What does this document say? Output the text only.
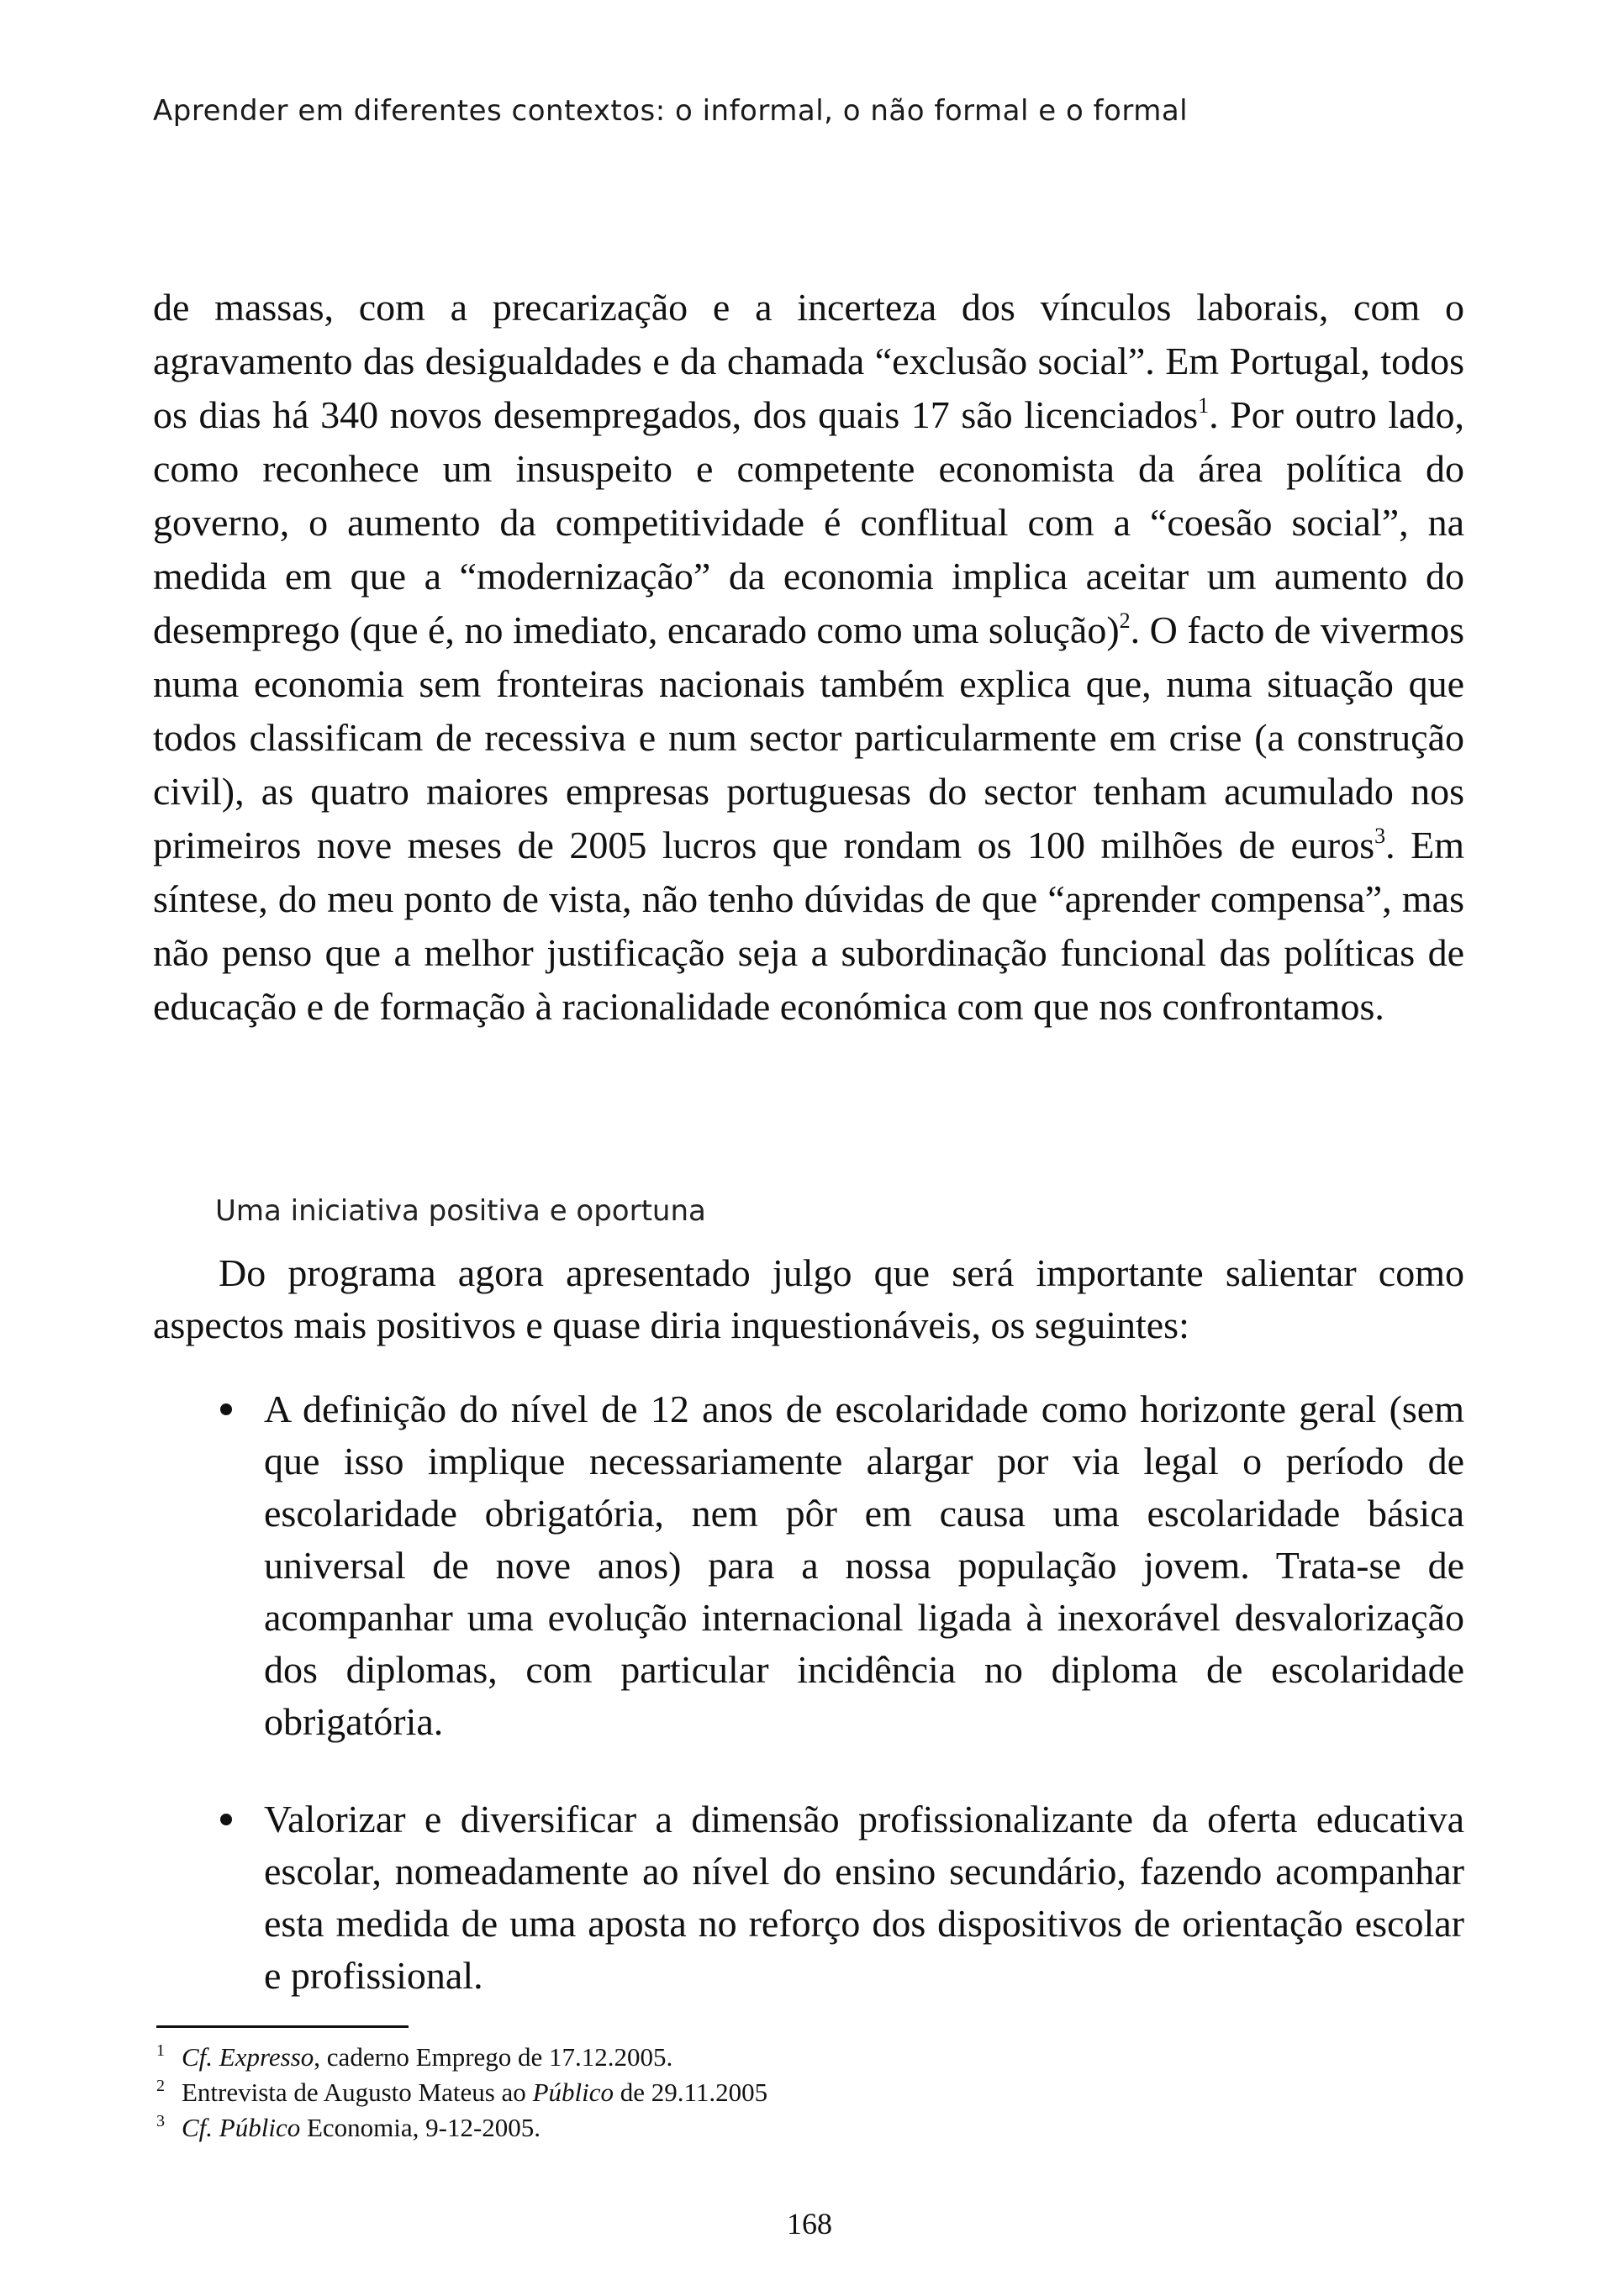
Aprender em diferentes contextos: o informal, o não formal e o formal

de massas, com a precarização e a incerteza dos vínculos laborais, com o agravamento das desigualdades e da chamada “exclusão social”. Em Portugal, todos os dias há 340 novos desempregados, dos quais 17 são licenciados$^1$. Por outro lado, como reconhece um insuspeito e competente economista da área política do governo, o aumento da competitividade é conflitual com a “coesão social”, na medida em que a “modernização” da economia implica aceitar um aumento do desemprego (que é, no imediato, encarado como uma solução)$^2$. O facto de vivermos numa economia sem fronteiras nacionais também explica que, numa situação que todos classificam de recessiva e num sector particularmente em crise (a construção civil), as quatro maiores empresas portuguesas do sector tenham acumulado nos primeiros nove meses de 2005 lucros que rondam os 100 milhões de euros$^3$. Em síntese, do meu ponto de vista, não tenho dúvidas de que “aprender compensa”, mas não penso que a melhor justificação seja a subordinação funcional das políticas de educação e de formação à racionalidade económica com que nos confrontamos.

Uma iniciativa positiva e oportuna

Do programa agora apresentado julgo que será importante salientar como aspectos mais positivos e quase diria inquestionáveis, os seguintes:

A definição do nível de 12 anos de escolaridade como horizonte geral (sem que isso implique necessariamente alargar por via legal o período de escolaridade obrigatória, nem pôr em causa uma escolaridade básica universal de nove anos) para a nossa população jovem. Trata-se de acompanhar uma evolução internacional ligada à inexorável desvalorização dos diplomas, com particular incidência no diploma de escolaridade obrigatória.
Valorizar e diversificar a dimensão profissionalizante da oferta educativa escolar, nomeadamente ao nível do ensino secundário, fazendo acompanhar esta medida de uma aposta no reforço dos dispositivos de orientação escolar e profissional.
1 Cf. Expresso, caderno Emprego de 17.12.2005.
2 Entrevista de Augusto Mateus ao Público de 29.11.2005
3 Cf. Público Economia, 9-12-2005.
168
